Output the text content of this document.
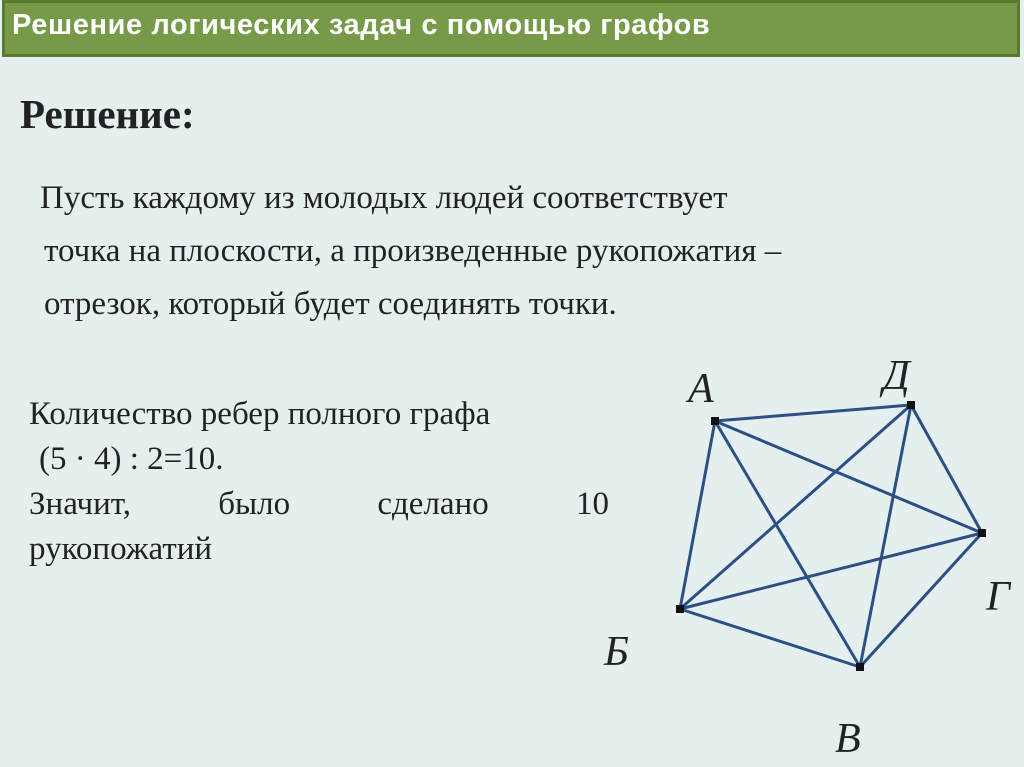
Решение логических задач с помощью графов
Решение:
Пусть каждому из молодых людей соответствует
точка на плоскости, а произведенные рукопожатия –
отрезок, который будет соединять точки.
Количество ребер полного графа
(5 · 4) : 2=10.
Значит,	было	сделано	10
рукопожатий
А	Д
Г
В
Б
